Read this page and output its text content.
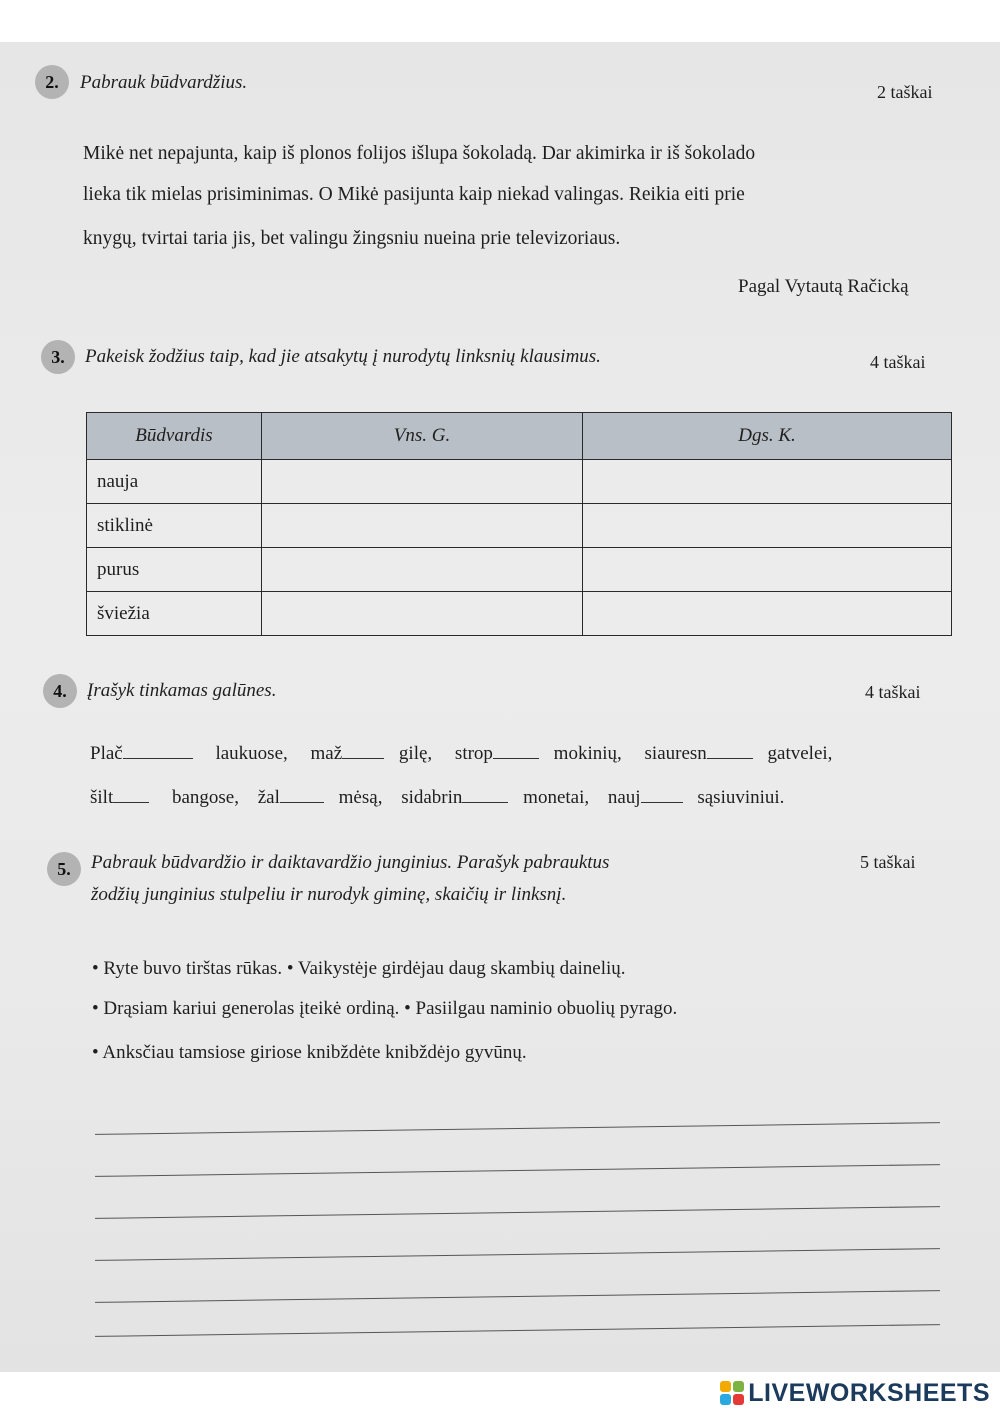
2.	Pabrauk būdvardžius.	2 taškai
Mikė net nepajunta, kaip iš plonos folijos išlupa šokoladą. Dar akimirka ir iš šokolado
lieka tik mielas prisiminimas. O Mikė pasijunta kaip niekad valingas. Reikia eiti prie
knygų, tvirtai taria jis, bet valingu žingsniu nueina prie televizoriaus.
Pagal Vytautą Račicką
3.	Pakeisk žodžius taip, kad jie atsakytų į nurodytų linksnių klausimus.	4 taškai
Būdvardis	Vns. G.	Dgs. K.
nauja		
stiklinė		
purus		
šviežia		
4.	Įrašyk tinkamas galūnes.	4 taškai
Plač	laukuose, maž	gilę, strop	mokinių, siauresn	gatvelei,
šilt	bangose, žal	mėsą, sidabrin	monetai, nauj	sąsiuviniui.
5.	Pabrauk būdvardžio ir daiktavardžio junginius. Parašyk pabrauktus
žodžių junginius stulpeliu ir nurodyk giminę, skaičių ir linksnį.
5 taškai
• Ryte buvo tirštas rūkas. • Vaikystėje girdėjau daug skambių dainelių.
• Drąsiam kariui generolas įteikė ordiną. • Pasiilgau naminio obuolių pyrago.
• Anksčiau tamsiose giriose knibždėte knibždėjo gyvūnų.
LIVEWORKSHEETS
